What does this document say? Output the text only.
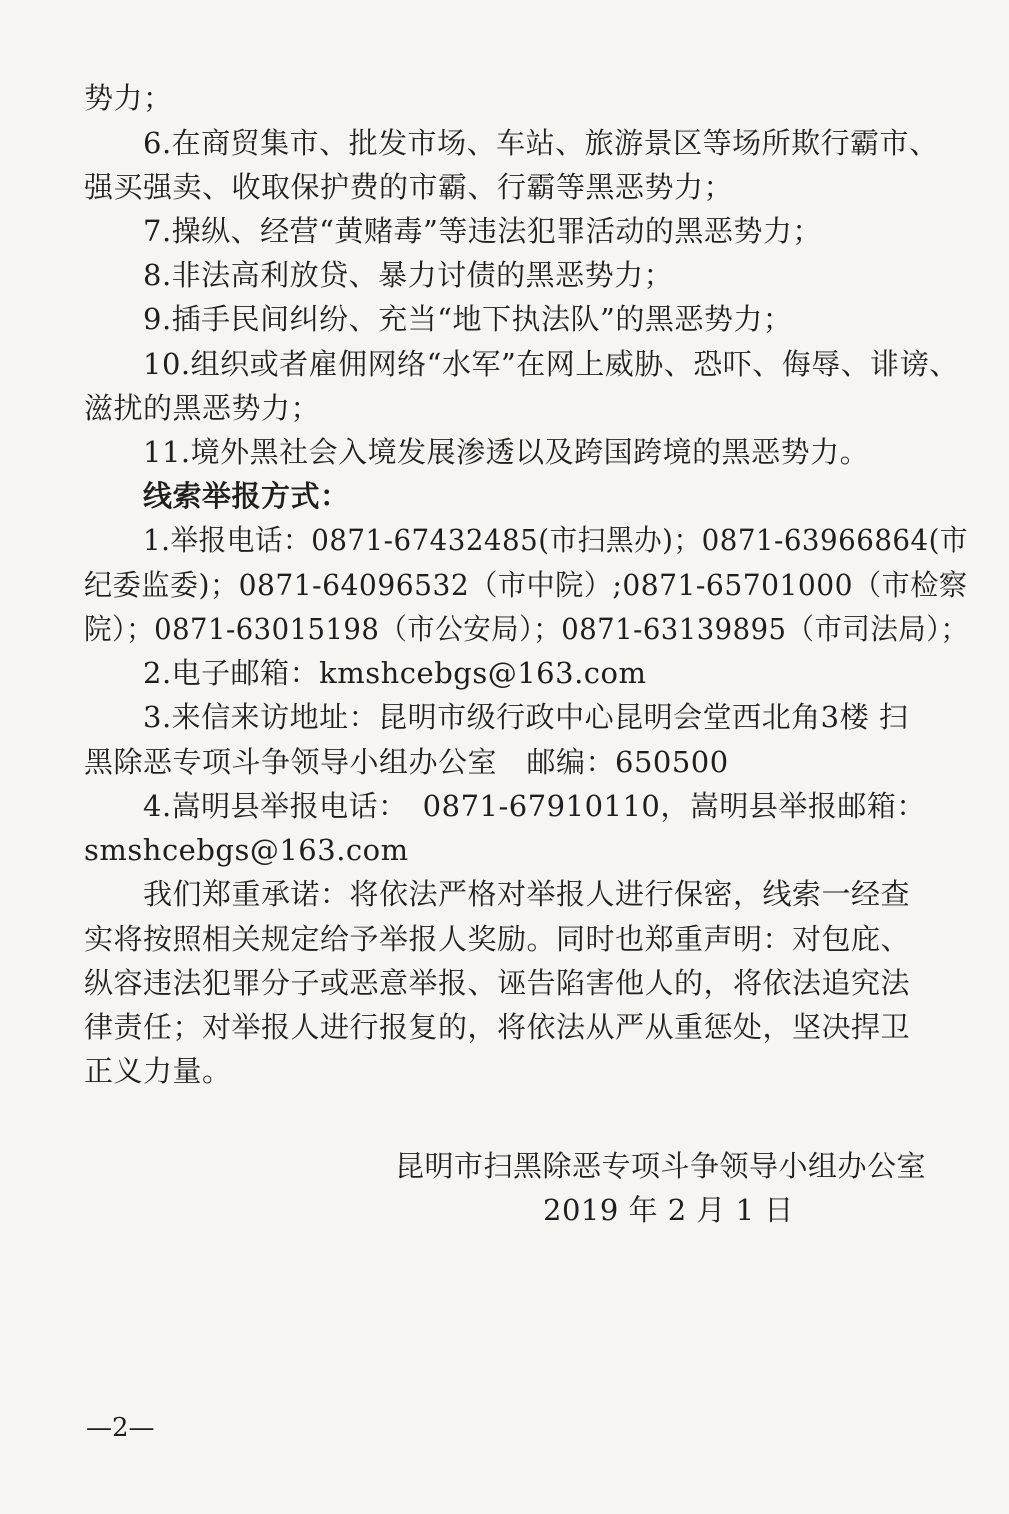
势力；
6.在商贸集市、批发市场、车站、旅游景区等场所欺行霸市、
强买强卖、收取保护费的市霸、行霸等黑恶势力；
7.操纵、经营“黄赌毒”等违法犯罪活动的黑恶势力；
8.非法高利放贷、暴力讨债的黑恶势力；
9.插手民间纠纷、充当“地下执法队”的黑恶势力；
10.组织或者雇佣网络“水军”在网上威胁、恐吓、侮辱、诽谤、
滋扰的黑恶势力；
11.境外黑社会入境发展渗透以及跨国跨境的黑恶势力。
线索举报方式：
1.举报电话：0871-67432485(市扫黑办)；0871-63966864(市
纪委监委)；0871-64096532（市中院）;0871-65701000（市检察
院）；0871-63015198（市公安局）；0871-63139895（市司法局）；
2.电子邮箱：kmshcebgs@163.com
3.来信来访地址：昆明市级行政中心昆明会堂西北角3楼 扫
黑除恶专项斗争领导小组办公室　邮编：650500
4.嵩明县举报电话：　0871-67910110，嵩明县举报邮箱：
smshcebgs@163.com
我们郑重承诺：将依法严格对举报人进行保密，线索一经查
实将按照相关规定给予举报人奖励。同时也郑重声明：对包庇、
纵容违法犯罪分子或恶意举报、诬告陷害他人的，将依法追究法
律责任；对举报人进行报复的，将依法从严从重惩处，坚决捍卫
正义力量。
昆明市扫黑除恶专项斗争领导小组办公室
2019 年 2 月 1 日
—2—
